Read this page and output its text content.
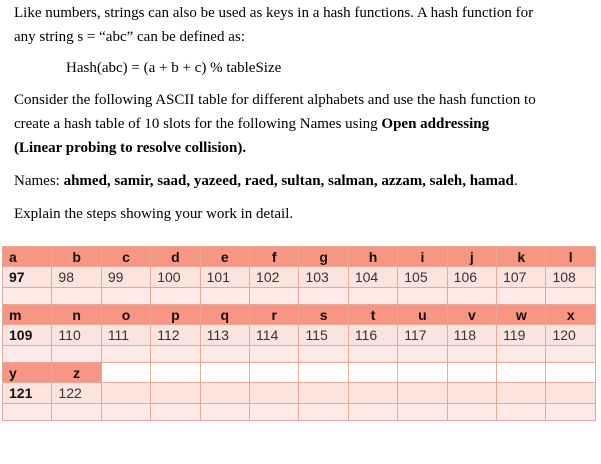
Like numbers, strings can also be used as keys in a hash functions. A hash function for
any string s = “abc” can be defined as:
Hash(abc) = (a + b + c) % tableSize
Consider the following ASCII table for different alphabets and use the hash function to
create a hash table of 10 slots for the following Names using Open addressing
(Linear probing to resolve collision).
Names: ahmed, samir, saad, yazeed, raed, sultan, salman, azzam, saleh, hamad.
Explain the steps showing your work in detail.
a	b	c	d	e	f	g	h	i	j	k	l
97	98	99	100	101	102	103	104	105	106	107	108

m	n	o	p	q	r	s	t	u	v	w	x
109	110	111	112	113	114	115	116	117	118	119	120

y	z										
121	122										
